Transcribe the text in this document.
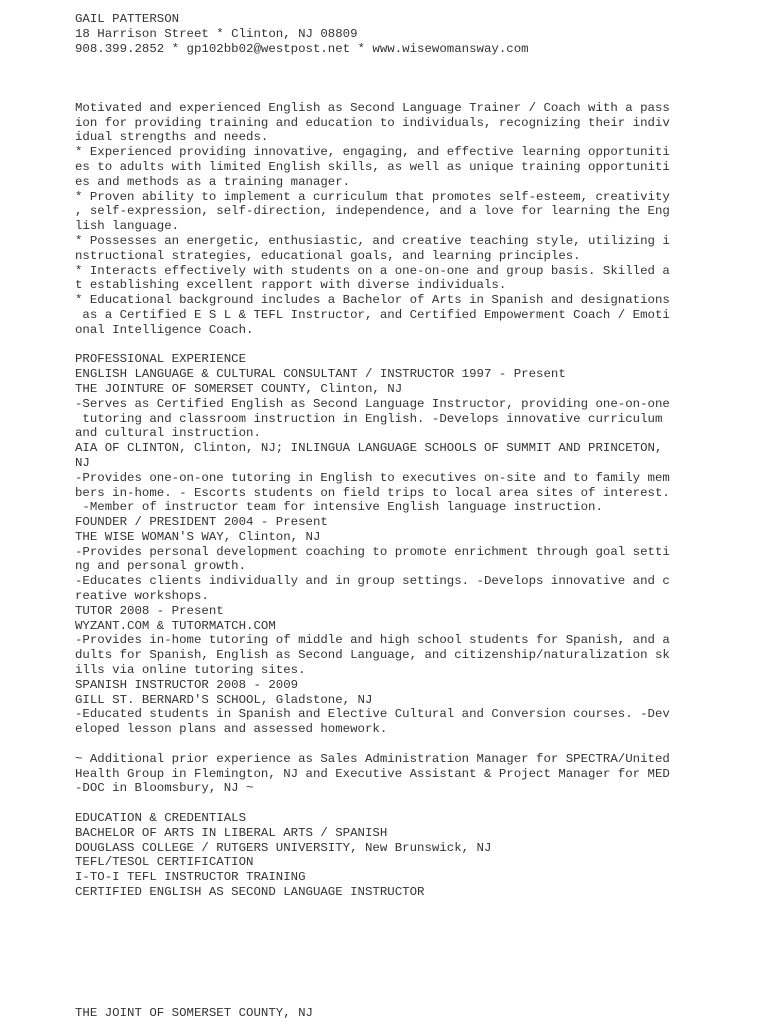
GAIL PATTERSON
18 Harrison Street * Clinton, NJ 08809
908.399.2852 * gp102bb02@westpost.net * www.wisewomansway.com
Motivated and experienced English as Second Language Trainer / Coach with a pass
ion for providing training and education to individuals, recognizing their indiv
idual strengths and needs.
* Experienced providing innovative, engaging, and effective learning opportuniti
es to adults with limited English skills, as well as unique training opportuniti
es and methods as a training manager.
* Proven ability to implement a curriculum that promotes self-esteem, creativity
, self-expression, self-direction, independence, and a love for learning the Eng
lish language.
* Possesses an energetic, enthusiastic, and creative teaching style, utilizing i
nstructional strategies, educational goals, and learning principles.
* Interacts effectively with students on a one-on-one and group basis. Skilled a
t establishing excellent rapport with diverse individuals.
* Educational background includes a Bachelor of Arts in Spanish and designations
as a Certified E S L & TEFL Instructor, and Certified Empowerment Coach / Emoti
onal Intelligence Coach.
PROFESSIONAL EXPERIENCE
ENGLISH LANGUAGE & CULTURAL CONSULTANT / INSTRUCTOR 1997 - Present
THE JOINTURE OF SOMERSET COUNTY, Clinton, NJ
-Serves as Certified English as Second Language Instructor, providing one-on-one
tutoring and classroom instruction in English. -Develops innovative curriculum
and cultural instruction.
AIA OF CLINTON, Clinton, NJ; INLINGUA LANGUAGE SCHOOLS OF SUMMIT AND PRINCETON,
NJ
-Provides one-on-one tutoring in English to executives on-site and to family mem
bers in-home. - Escorts students on field trips to local area sites of interest.
-Member of instructor team for intensive English language instruction.
FOUNDER / PRESIDENT 2004 - Present
THE WISE WOMAN'S WAY, Clinton, NJ
-Provides personal development coaching to promote enrichment through goal setti
ng and personal growth.
-Educates clients individually and in group settings. -Develops innovative and c
reative workshops.
TUTOR 2008 - Present
WYZANT.COM & TUTORMATCH.COM
-Provides in-home tutoring of middle and high school students for Spanish, and a
dults for Spanish, English as Second Language, and citizenship/naturalization sk
ills via online tutoring sites.
SPANISH INSTRUCTOR 2008 - 2009
GILL ST. BERNARD'S SCHOOL, Gladstone, NJ
-Educated students in Spanish and Elective Cultural and Conversion courses. -Dev
eloped lesson plans and assessed homework.
~ Additional prior experience as Sales Administration Manager for SPECTRA/United
Health Group in Flemington, NJ and Executive Assistant & Project Manager for MED
-DOC in Bloomsbury, NJ ~
EDUCATION & CREDENTIALS
BACHELOR OF ARTS IN LIBERAL ARTS / SPANISH
DOUGLASS COLLEGE / RUTGERS UNIVERSITY, New Brunswick, NJ
TEFL/TESOL CERTIFICATION
I-TO-I TEFL INSTRUCTOR TRAINING
CERTIFIED ENGLISH AS SECOND LANGUAGE INSTRUCTOR
THE JOINT OF SOMERSET COUNTY, NJ
